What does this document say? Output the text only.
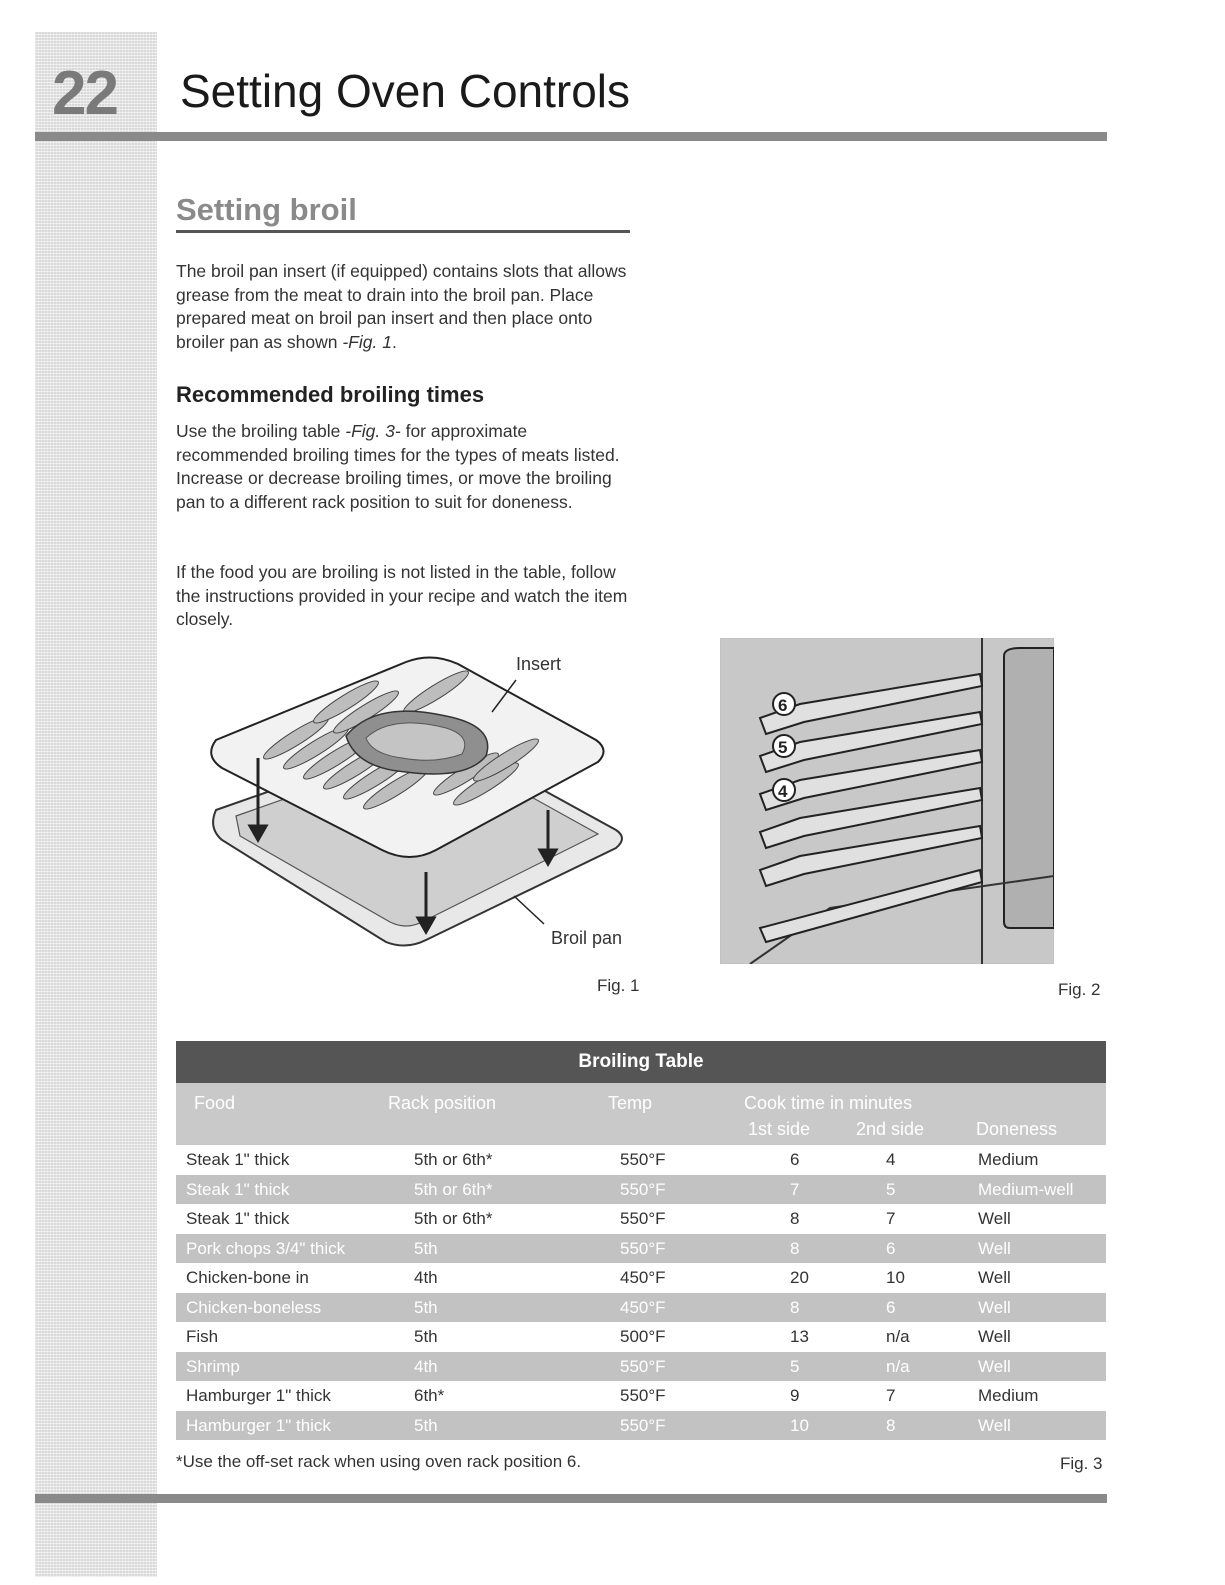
22 Setting Oven Controls
Setting broil

The broil pan insert (if equipped) contains slots that allows grease from the meat to drain into the broil pan. Place prepared meat on broil pan insert and then place onto broiler pan as shown -Fig. 1.

Recommended broiling times

Use the broiling table -Fig. 3- for approximate recommended broiling times for the types of meats listed. Increase or decrease broiling times, or move the broiling pan to a different rack position to suit for doneness.

If the food you are broiling is not listed in the table, follow the instructions provided in your recipe and watch the item closely.

Insert
Broil pan
Fig. 1
6
5
4
Fig. 2
Broiling Table
Food	Rack position	Temp	Cook time in minutes
1st side	2nd side	Doneness
Steak 1" thick	5th or 6th*	550°F	6	4	Medium
Steak 1" thick	5th or 6th*	550°F	7	5	Medium-well
Steak 1" thick	5th or 6th*	550°F	8	7	Well
Pork chops 3/4" thick	5th	550°F	8	6	Well
Chicken-bone in	4th	450°F	20	10	Well
Chicken-boneless	5th	450°F	8	6	Well
Fish	5th	500°F	13	n/a	Well
Shrimp	4th	550°F	5	n/a	Well
Hamburger 1" thick	6th*	550°F	9	7	Medium
Hamburger 1" thick	5th	550°F	10	8	Well
*Use the off-set rack when using oven rack position 6.	Fig. 3
